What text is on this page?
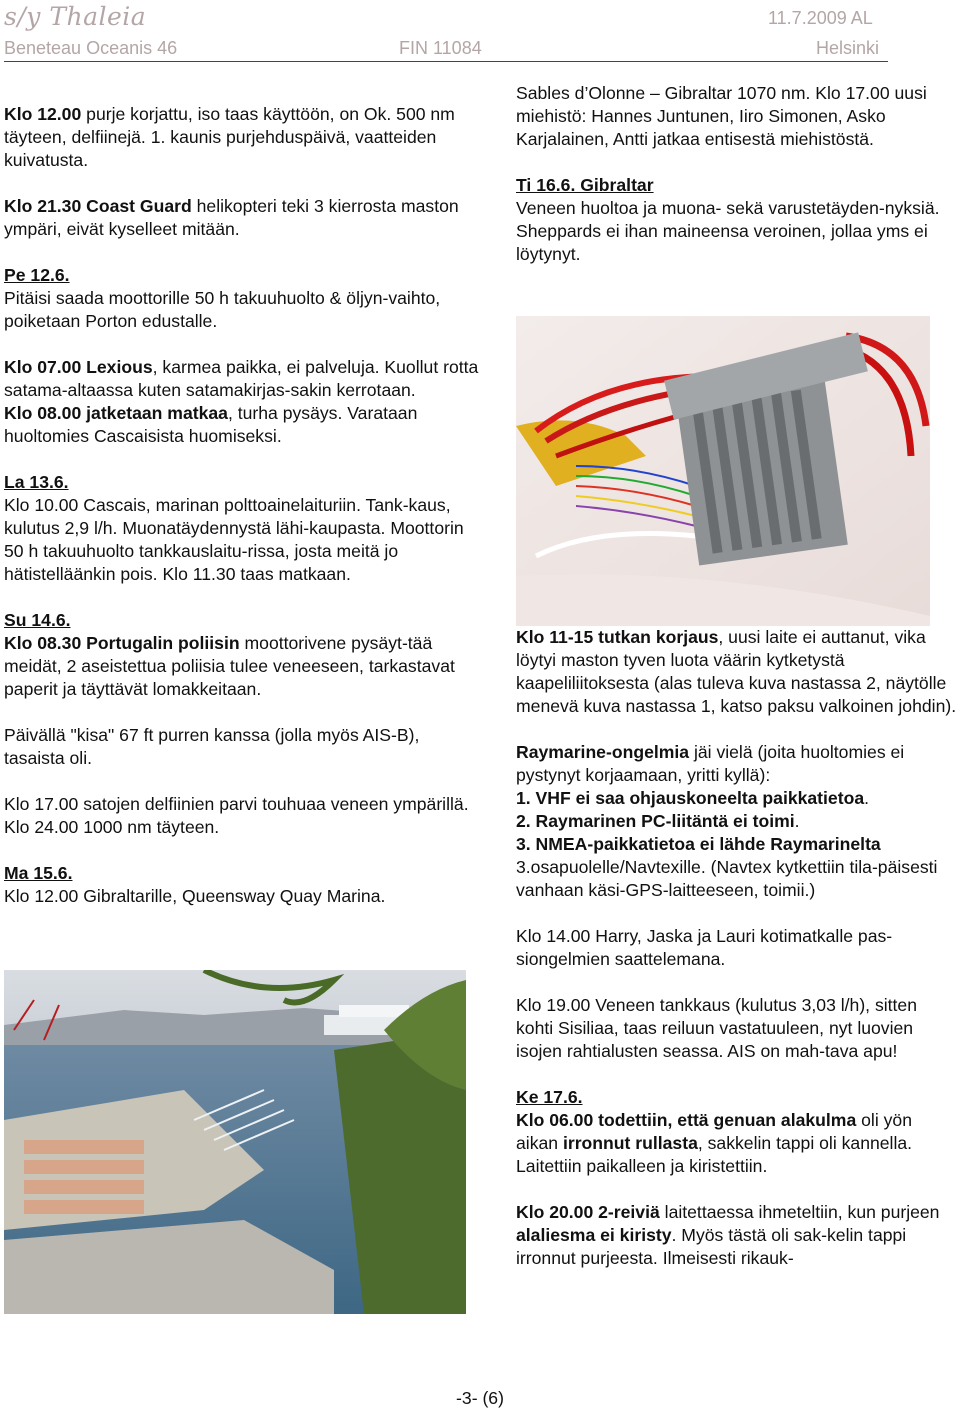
s/y Thaleia	11.7.2009 AL
Beneteau Oceanis 46	FIN 11084	Helsinki

Klo 12.00 purje korjattu, iso taas käyttöön, on Ok. 500 nm täyteen, delfiinejä. 1. kaunis purjehduspäivä, vaatteiden kuivatusta.

Klo 21.30 Coast Guard helikopteri teki 3 kierrosta maston ympäri, eivät kyselleet mitään.

Pe 12.6.
Pitäisi saada moottorille 50 h takuuhuolto & öljyn-vaihto, poiketaan Porton edustalle.

Klo 07.00 Lexious, karmea paikka, ei palveluja. Kuollut rotta satama-altaassa kuten satamakirjas-sakin kerrotaan.
Klo 08.00 jatketaan matkaa, turha pysäys. Varataan huoltomies Cascaisista huomiseksi.

La 13.6.
Klo 10.00 Cascais, marinan polttoainelaituriin. Tank-kaus, kulutus 2,9 l/h. Muonatäydennystä lähi-kaupasta. Moottorin 50 h takuuhuolto tankkauslaitu-rissa, josta meitä jo hätistelläänkin pois. Klo 11.30 taas matkaan.

Su 14.6.
Klo 08.30 Portugalin poliisin moottorivene pysäyt-tää meidät, 2 aseistettua poliisia tulee veneeseen, tarkastavat paperit ja täyttävät lomakkeitaan.

Päivällä "kisa" 67 ft purren kanssa (jolla myös AIS-B), tasaista oli.

Klo 17.00 satojen delfiinien parvi touhuaa veneen ympärillä. Klo 24.00 1000 nm täyteen.

Ma 15.6.
Klo 12.00 Gibraltarille, Queensway Quay Marina.

Sables d’Olonne – Gibraltar 1070 nm. Klo 17.00 uusi miehistö: Hannes Juntunen, Iiro Simonen, Asko Karjalainen, Antti jatkaa entisestä miehistöstä.

Ti 16.6. Gibraltar
Veneen huoltoa ja muona- sekä varustetäyden-nyksiä. Sheppards ei ihan maineensa veroinen, jollaa yms ei löytynyt.

Klo 11-15 tutkan korjaus, uusi laite ei auttanut, vika löytyi maston tyven luota väärin kytketystä kaapeliliitoksesta (alas tuleva kuva nastassa 2, näytölle menevä kuva nastassa 1, katso paksu valkoinen johdin).

Raymarine-ongelmia jäi vielä (joita huoltomies ei pystynyt korjaamaan, yritti kyllä):
1. VHF ei saa ohjauskoneelta paikkatietoa.
2. Raymarinen PC-liitäntä ei toimi.
3. NMEA-paikkatietoa ei lähde Raymarinelta
3.osapuolelle/Navtexille. (Navtex kytkettiin tila-päisesti vanhaan käsi-GPS-laitteeseen, toimii.)

Klo 14.00 Harry, Jaska ja Lauri kotimatkalle pas-siongelmien saattelemana.

Klo 19.00 Veneen tankkaus (kulutus 3,03 l/h), sitten kohti Sisiliaa, taas reiluun vastatuuleen, nyt luovien isojen rahtialusten seassa. AIS on mah-tava apu!

Ke 17.6.
Klo 06.00 todettiin, että genuan alakulma oli yön aikan irronnut rullasta, sakkelin tappi oli kannella. Laitettiin paikalleen ja kiristettiin.

Klo 20.00 2-reiviä laitettaessa ihmeteltiin, kun purjeen alaliesma ei kiristy. Myös tästä oli sak-kelin tappi irronnut purjeesta. Ilmeisesti rikauk-

-3- (6)
